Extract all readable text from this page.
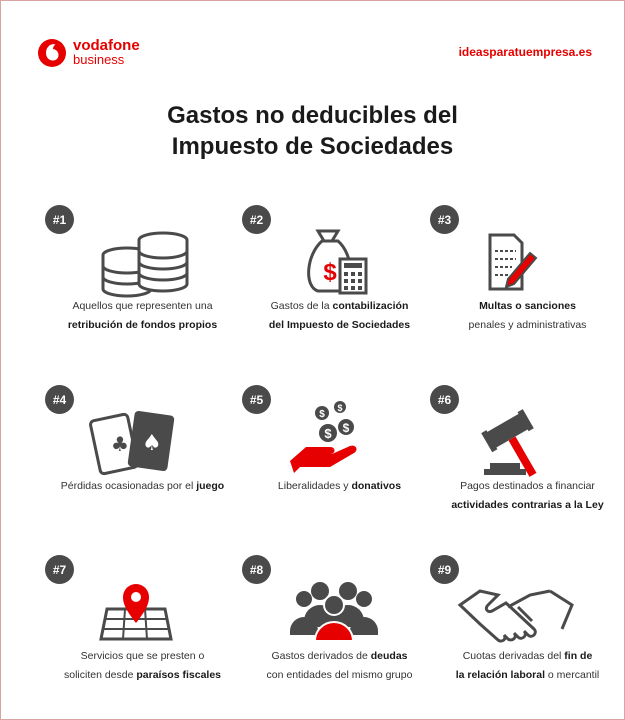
vodafone
business	ideasparatuempresa.es
Gastos no deducibles del
Impuesto de Sociedades
#1
Aquellos que representen una
retribución de fondos propios
#2
$
Gastos de la contabilización
del Impuesto de Sociedades
#3
Multas o sanciones
penales y administrativas
#4
♣ ♠
Pérdidas ocasionadas por el juego
#5
$
$
$
$
Liberalidades y donativos
#6
Pagos destinados a financiar
actividades contrarias a la Ley
#7
Servicios que se presten o
soliciten desde paraísos fiscales
#8
Gastos derivados de deudas
con entidades del mismo grupo
#9
Cuotas derivadas del fin de
la relación laboral o mercantil
